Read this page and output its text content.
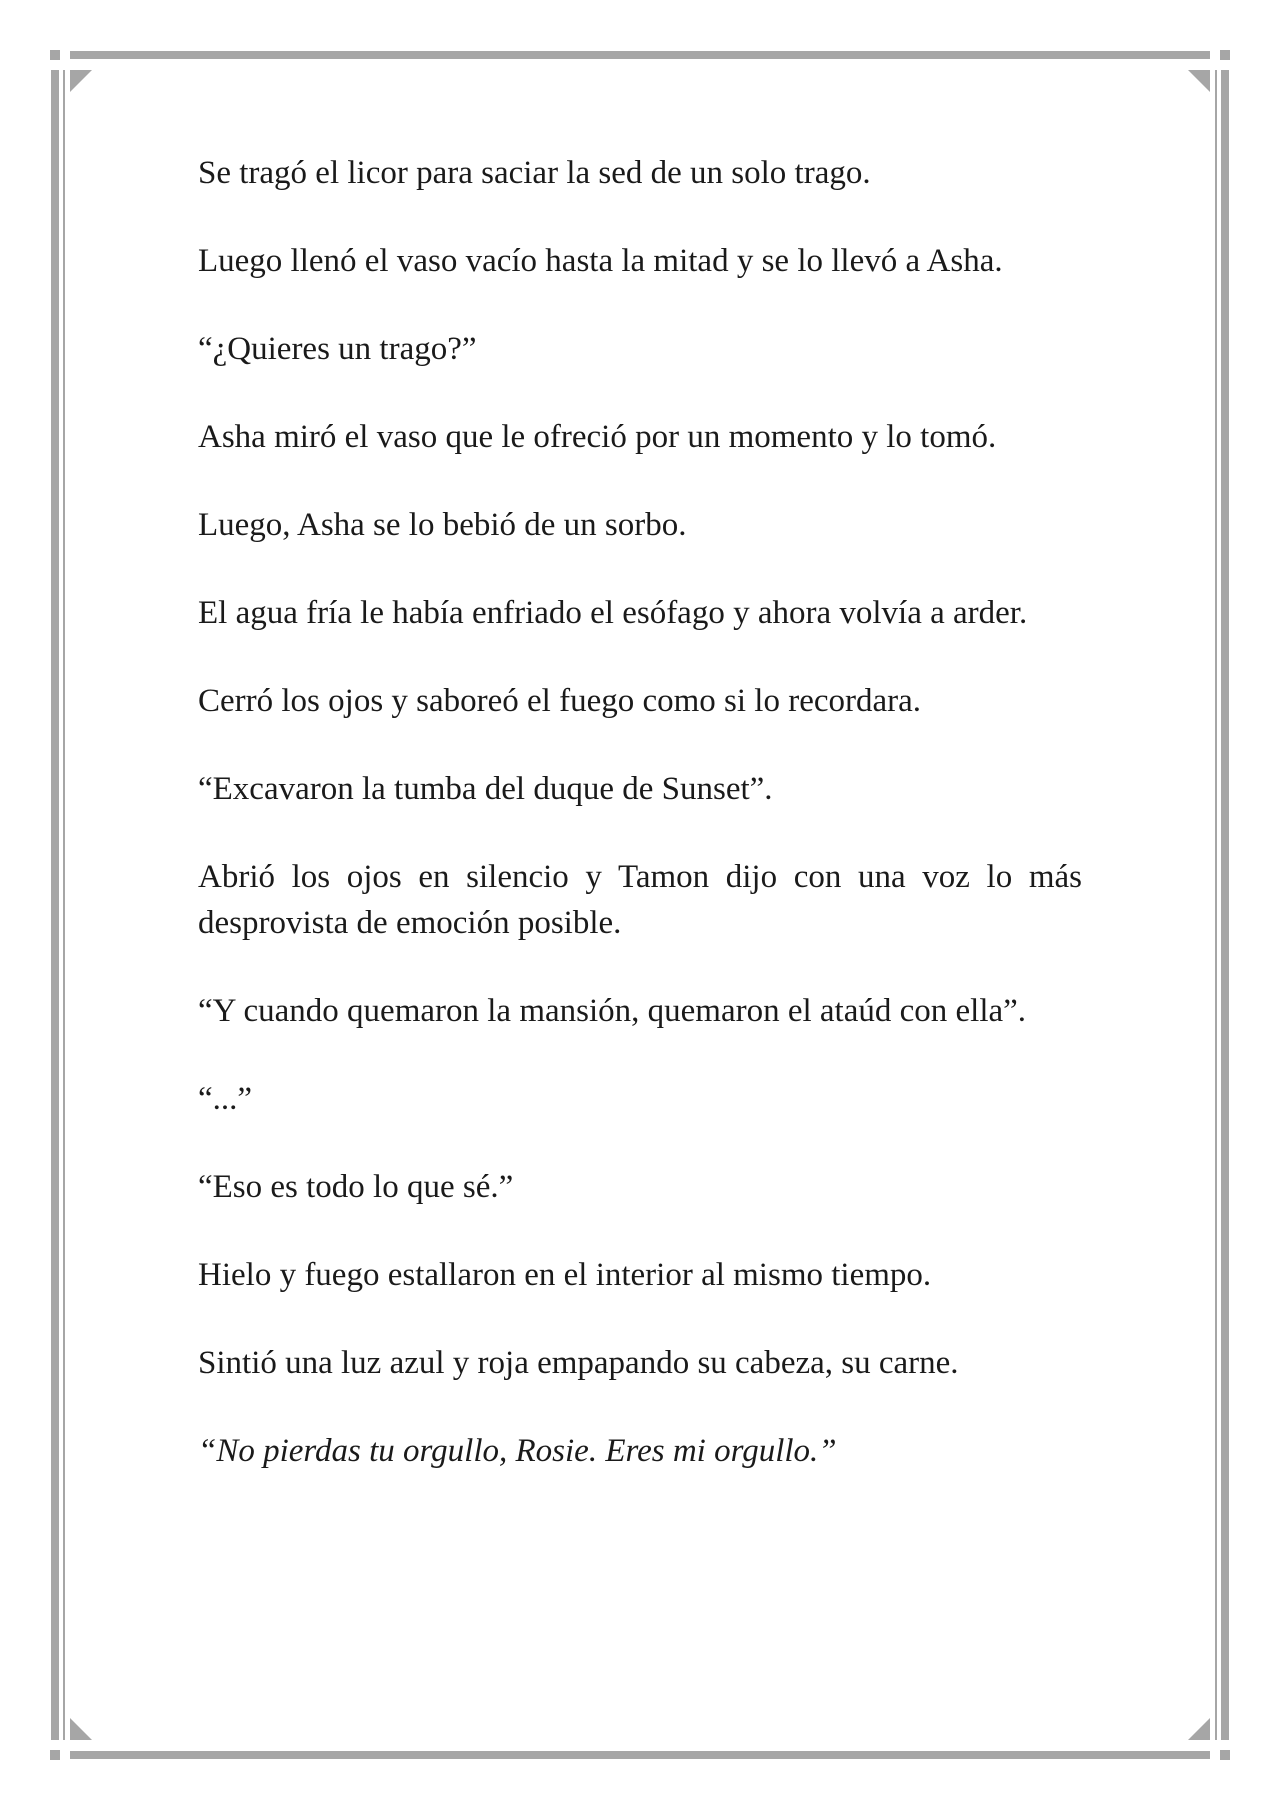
Se tragó el licor para saciar la sed de un solo trago.

Luego llenó el vaso vacío hasta la mitad y se lo llevó a Asha.

“¿Quieres un trago?”

Asha miró el vaso que le ofreció por un momento y lo tomó.

Luego, Asha se lo bebió de un sorbo.

El agua fría le había enfriado el esófago y ahora volvía a arder.

Cerró los ojos y saboreó el fuego como si lo recordara.

“Excavaron la tumba del duque de Sunset”.

Abrió los ojos en silencio y Tamon dijo con una voz lo más desprovista de emoción posible.

“Y cuando quemaron la mansión, quemaron el ataúd con ella”.

“...”

“Eso es todo lo que sé.”

Hielo y fuego estallaron en el interior al mismo tiempo.

Sintió una luz azul y roja empapando su cabeza, su carne.

“No pierdas tu orgullo, Rosie. Eres mi orgullo.”
